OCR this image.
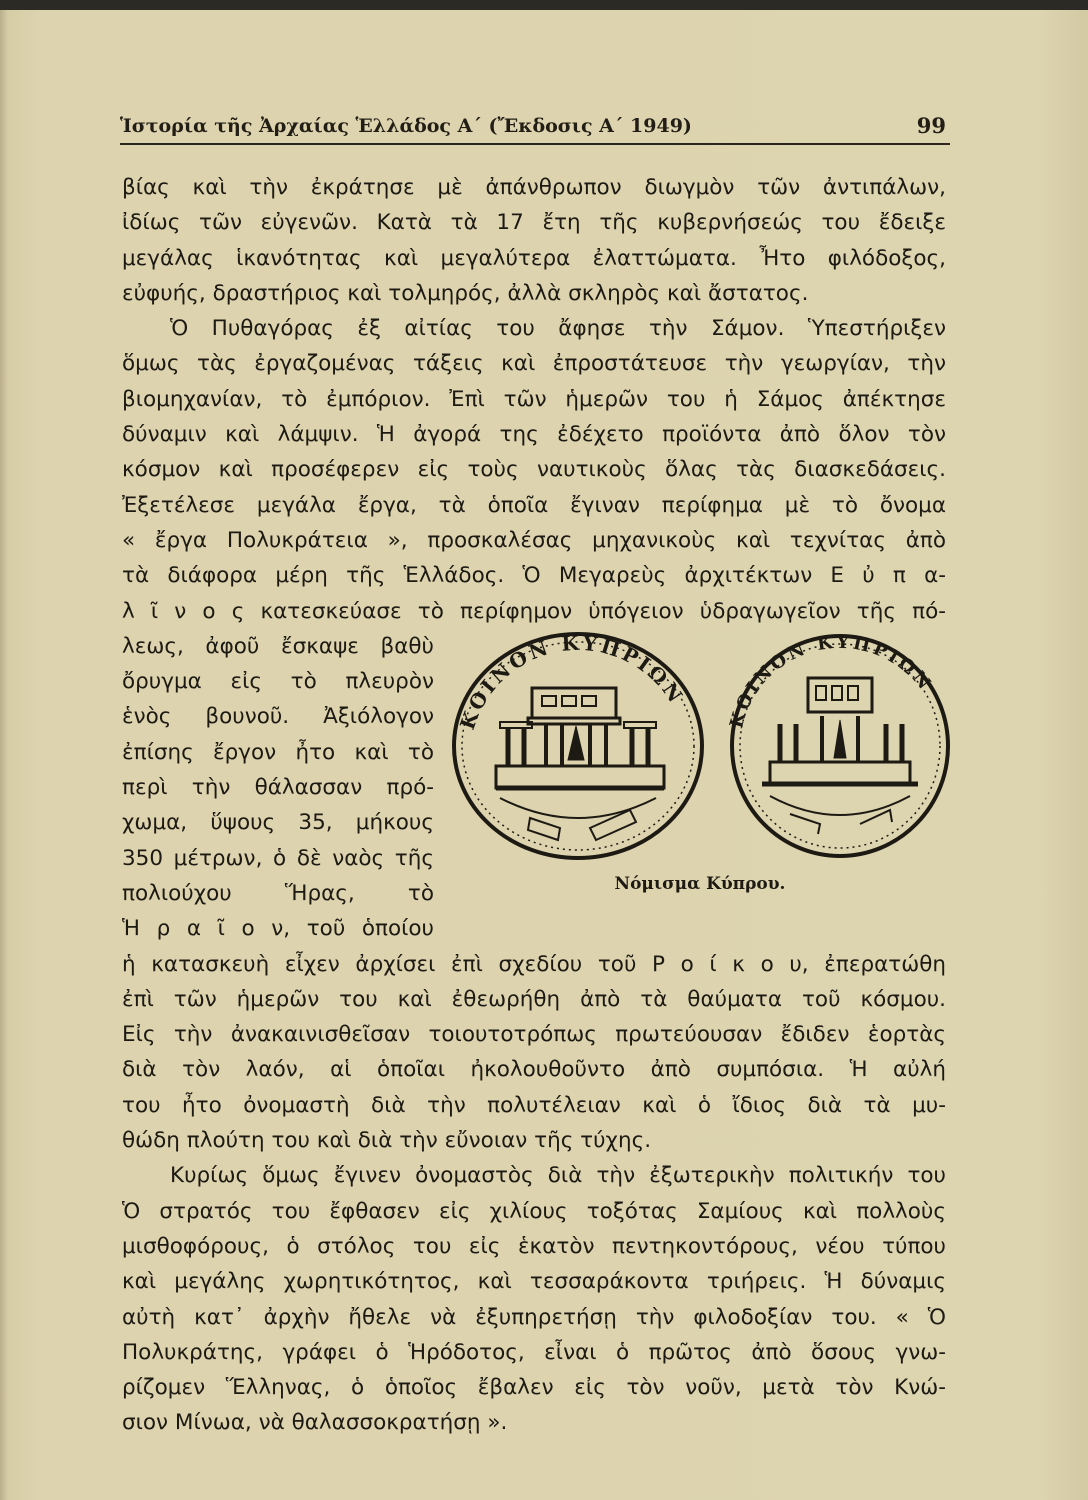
Ἱστορία τῆς Ἀρχαίας Ἑλλάδος Α΄ (Ἔκδοσις Α΄ 1949)	99
βίας καὶ τὴν ἐκράτησε μὲ ἀπάνθρωπον διωγμὸν τῶν ἀντιπάλων,
ἰδίως τῶν εὐγενῶν. Κατὰ τὰ 17 ἔτη τῆς κυβερνήσεώς του ἔδειξε
μεγάλας ἱκανότητας καὶ μεγαλύτερα ἐλαττώματα. Ἦτο φιλόδοξος,
εὐφυής, δραστήριος καὶ τολμηρός, ἀλλὰ σκληρὸς καὶ ἄστατος.
Ὁ Πυθαγόρας ἐξ αἰτίας του ἄφησε τὴν Σάμον. Ὑπεστήριξεν
ὅμως τὰς ἐργαζομένας τάξεις καὶ ἐπροστάτευσε τὴν γεωργίαν, τὴν
βιομηχανίαν, τὸ ἐμπόριον. Ἐπὶ τῶν ἡμερῶν του ἡ Σάμος ἀπέκτησε
δύναμιν καὶ λάμψιν. Ἡ ἀγορά της ἐδέχετο προϊόντα ἀπὸ ὅλον τὸν
κόσμον καὶ προσέφερεν εἰς τοὺς ναυτικοὺς ὅλας τὰς διασκεδάσεις.
Ἐξετέλεσε μεγάλα ἔργα, τὰ ὁποῖα ἔγιναν περίφημα μὲ τὸ ὄνομα
« ἔργα Πολυκράτεια », προσκαλέσας μηχανικοὺς καὶ τεχνίτας ἀπὸ
τὰ διάφορα μέρη τῆς Ἑλλάδος. Ὁ Μεγαρεὺς ἀρχιτέκτων Ε ὐ π α-
λ ῖ ν ο ς κατεσκεύασε τὸ περίφημον ὑπόγειον ὑδραγωγεῖον τῆς πό-
λεως, ἀφοῦ ἔσκαψε βαθὺ
ὄρυγμα εἰς τὸ πλευρὸν
ἑνὸς βουνοῦ. Ἀξιόλογον
ἐπίσης ἔργον ἦτο καὶ τὸ
περὶ τὴν θάλασσαν πρό-
χωμα, ὕψους 35, μήκους
350 μέτρων, ὁ δὲ ναὸς τῆς
πολιούχου Ἥρας, τὸ
Ἡ ρ α ῖ ο ν, τοῦ ὁποίου
ἡ κατασκευὴ εἶχεν ἀρχίσει ἐπὶ σχεδίου τοῦ Ρ ο ί κ ο υ, ἐπερατώθη
ἐπὶ τῶν ἡμερῶν του καὶ ἐθεωρήθη ἀπὸ τὰ θαύματα τοῦ κόσμου.
Εἰς τὴν ἀνακαινισθεῖσαν τοιουτοτρόπως πρωτεύουσαν ἔδιδεν ἑορτὰς
διὰ τὸν λαόν, αἱ ὁποῖαι ἠκολουθοῦντο ἀπὸ συμπόσια. Ἡ αὐλή
του ἦτο ὀνομαστὴ διὰ τὴν πολυτέλειαν καὶ ὁ ἴδιος διὰ τὰ μυ-
θώδη πλούτη του καὶ διὰ τὴν εὔνοιαν τῆς τύχης.
Κυρίως ὅμως ἔγινεν ὀνομαστὸς διὰ τὴν ἐξωτερικὴν πολιτικήν του
Ὁ στρατός του ἔφθασεν εἰς χιλίους τοξότας Σαμίους καὶ πολλοὺς
μισθοφόρους, ὁ στόλος του εἰς ἑκατὸν πεντηκοντόρους, νέου τύπου
καὶ μεγάλης χωρητικότητος, καὶ τεσσαράκοντα τριήρεις. Ἡ δύναμις
αὐτὴ κατ᾽ ἀρχὴν ἤθελε νὰ ἐξυπηρετήσῃ τὴν φιλοδοξίαν του. « Ὁ
Πολυκράτης, γράφει ὁ Ἡρόδοτος, εἶναι ὁ πρῶτος ἀπὸ ὅσους γνω-
ρίζομεν Ἕλληνας, ὁ ὁποῖος ἔβαλεν εἰς τὸν νοῦν, μετὰ τὸν Κνώ-
σιον Μίνωα, νὰ θαλασσοκρατήσῃ ».
ΚΟΙΝΟΝ ΚΥΠΡΙΩΝ
ΚΟΙΝΟΝ ΚΥΠΡΙΩΝ
Νόμισμα Κύπρου.
